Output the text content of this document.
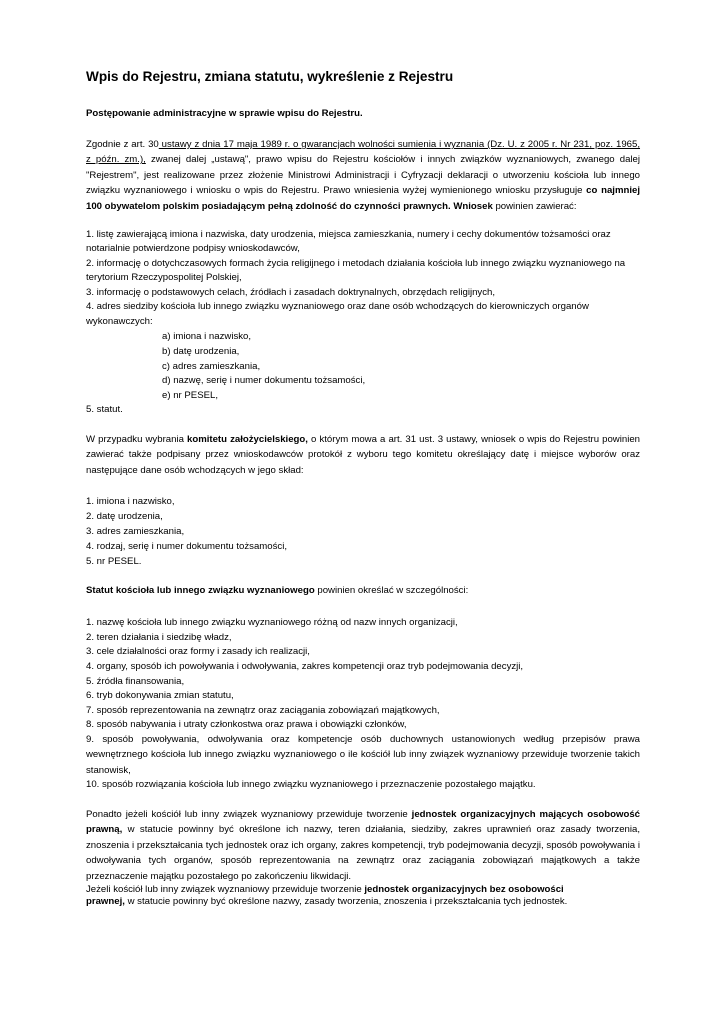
Wpis do Rejestru, zmiana statutu, wykreślenie z Rejestru

Postępowanie administracyjne w sprawie wpisu do Rejestru.

Zgodnie z art. 30 ustawy z dnia 17 maja 1989 r. o gwarancjach wolności sumienia i wyznania (Dz. U. z 2005 r. Nr 231, poz. 1965, z późn. zm.), zwanej dalej „ustawą", prawo wpisu do Rejestru kościołów i innych związków wyznaniowych, zwanego dalej "Rejestrem", jest realizowane przez złożenie Ministrowi Administracji i Cyfryzacji deklaracji o utworzeniu kościoła lub innego związku wyznaniowego i wniosku o wpis do Rejestru. Prawo wniesienia wyżej wymienionego wniosku przysługuje co najmniej 100 obywatelom polskim posiadającym pełną zdolność do czynności prawnych. Wniosek powinien zawierać:

1. listę zawierającą imiona i nazwiska, daty urodzenia, miejsca zamieszkania, numery i cechy dokumentów tożsamości oraz
notarialnie potwierdzone podpisy wnioskodawców,
2. informację o dotychczasowych formach życia religijnego i metodach działania kościoła lub innego związku wyznaniowego na
terytorium Rzeczypospolitej Polskiej,
3. informację o podstawowych celach, źródłach i zasadach doktrynalnych, obrzędach religijnych,
4. adres siedziby kościoła lub innego związku wyznaniowego oraz dane osób wchodzących do kierowniczych organów
wykonawczych:
a) imiona i nazwisko,
b) datę urodzenia,
c) adres zamieszkania,
d) nazwę, serię i numer dokumentu tożsamości,
e) nr PESEL,
5. statut.

W przypadku wybrania komitetu założycielskiego, o którym mowa a art. 31 ust. 3 ustawy, wniosek o wpis do Rejestru powinien zawierać także podpisany przez wnioskodawców protokół z wyboru tego komitetu określający datę i miejsce wyborów oraz następujące dane osób wchodzących w jego skład:

1. imiona i nazwisko,
2. datę urodzenia,
3. adres zamieszkania,
4. rodzaj, serię i numer dokumentu tożsamości,
5. nr PESEL.
Statut kościoła lub innego związku wyznaniowego powinien określać w szczególności:
1. nazwę kościoła lub innego związku wyznaniowego różną od nazw innych organizacji,
2. teren działania i siedzibę władz,
3. cele działalności oraz formy i zasady ich realizacji,
4. organy, sposób ich powoływania i odwoływania, zakres kompetencji oraz tryb podejmowania decyzji,
5. źródła finansowania,
6. tryb dokonywania zmian statutu,
7. sposób reprezentowania na zewnątrz oraz zaciągania zobowiązań majątkowych,
8. sposób nabywania i utraty członkostwa oraz prawa i obowiązki członków,

9. sposób powoływania, odwoływania oraz kompetencje osób duchownych ustanowionych według przepisów prawa wewnętrznego kościoła lub innego związku wyznaniowego o ile kościół lub inny związek wyznaniowy przewiduje tworzenie takich stanowisk,

10. sposób rozwiązania kościoła lub innego związku wyznaniowego i przeznaczenie pozostałego majątku.

Ponadto jeżeli kościół lub inny związek wyznaniowy przewiduje tworzenie jednostek organizacyjnych mających osobowość prawną, w statucie powinny być określone ich nazwy, teren działania, siedziby, zakres uprawnień oraz zasady tworzenia, znoszenia i przekształcania tych jednostek oraz ich organy, zakres kompetencji, tryb podejmowania decyzji, sposób powoływania i odwoływania tych organów, sposób reprezentowania na zewnątrz oraz zaciągania zobowiązań majątkowych a także przeznaczenie majątku pozostałego po zakończeniu likwidacji.

Jeżeli kościół lub inny związek wyznaniowy przewiduje tworzenie jednostek organizacyjnych bez osobowości
prawnej, w statucie powinny być określone nazwy, zasady tworzenia, znoszenia i przekształcania tych jednostek.
